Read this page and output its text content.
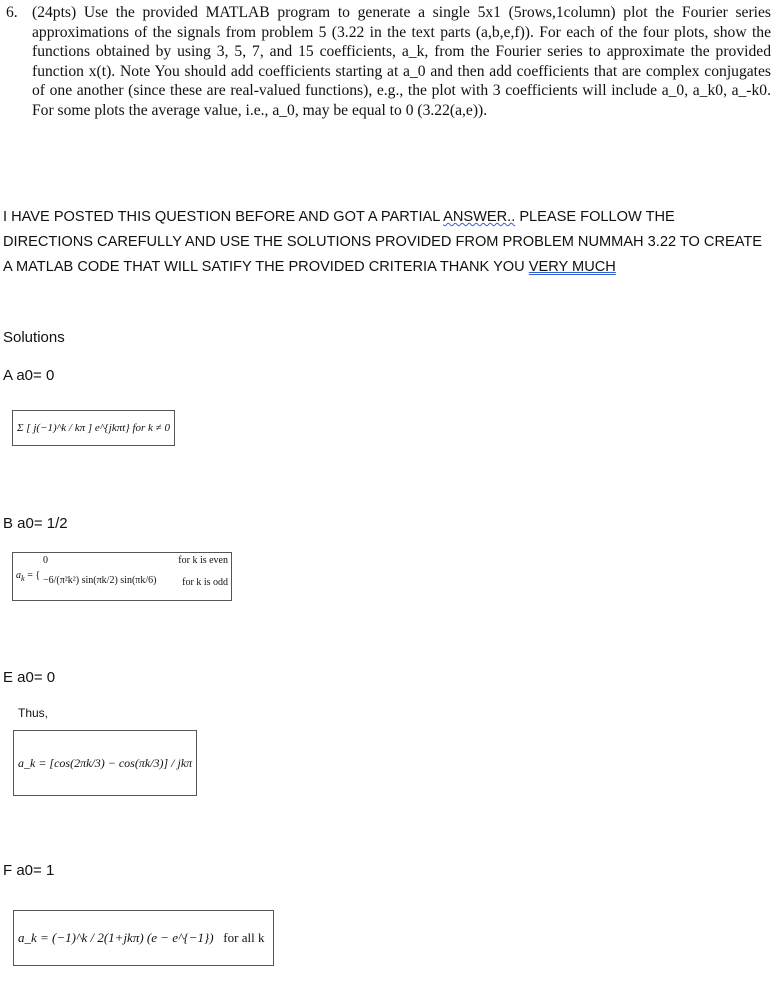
6. (24pts) Use the provided MATLAB program to generate a single 5x1 (5rows,1column) plot the Fourier series approximations of the signals from problem 5 (3.22 in the text parts (a,b,e,f)). For each of the four plots, show the functions obtained by using 3, 5, 7, and 15 coefficients, a_k, from the Fourier series to approximate the provided function x(t). Note You should add coefficients starting at a_0 and then add coefficients that are complex conjugates of one another (since these are real-valued functions), e.g., the plot with 3 coefficients will include a_0, a_k0, a_-k0. For some plots the average value, i.e., a_0, may be equal to 0 (3.22(a,e)).
I HAVE POSTED THIS QUESTION BEFORE AND GOT A PARTIAL ANSWER.. PLEASE FOLLOW THE DIRECTIONS CAREFULLY AND USE THE SOLUTIONS PROVIDED FROM PROBLEM NUMMAH 3.22 TO CREATE A MATLAB CODE THAT WILL SATIFY THE PROVIDED CRITERIA THANK YOU VERY MUCH
Solutions
A a0= 0
Σ [ j(−1)^k / kπ ] e^{jkπt} for k ≠ 0
B a0= 1/2
$a_k$ = {
0	for k is even
−6/(π²k²) sin(πk/2) sin(πk/6)	for k is odd
E a0= 0
Thus,
a_k = [cos(2πk/3) − cos(πk/3)] / jkπ
F a0= 1
a_k = (−1)^k / 2(1+jkπ) (e − e^{−1})
for all k
